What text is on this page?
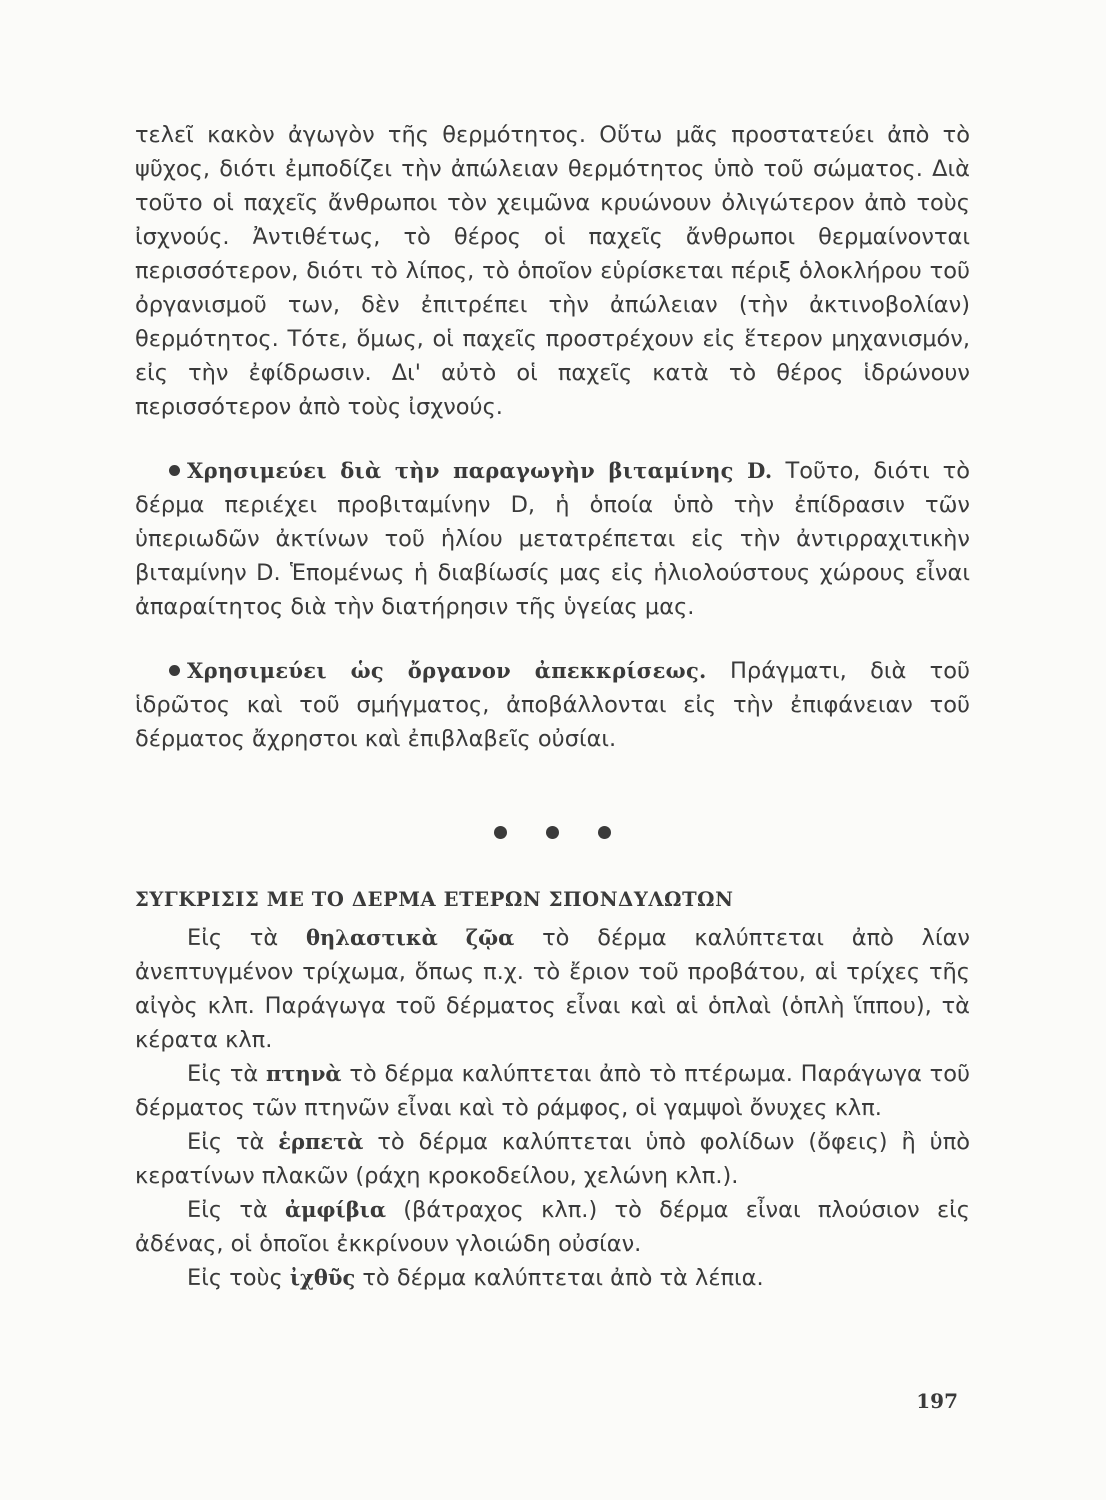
τελεῖ κακὸν ἀγωγὸν τῆς θερμότητος. Οὕτω μᾶς προστατεύει ἀπὸ τὸ ψῦχος, διότι ἐμποδίζει τὴν ἀπώλειαν θερμότητος ὑπὸ τοῦ σώματος. Διὰ τοῦτο οἱ παχεῖς ἄνθρωποι τὸν χειμῶνα κρυώνουν ὀλιγώτερον ἀπὸ τοὺς ἰσχνούς. Ἀντιθέτως, τὸ θέρος οἱ παχεῖς ἄνθρωποι θερμαίνονται περισσότερον, διότι τὸ λίπος, τὸ ὁποῖον εὑρίσκεται πέριξ ὁλοκλήρου τοῦ ὀργανισμοῦ των, δὲν ἐπιτρέπει τὴν ἀπώλειαν (τὴν ἀκτινοβολίαν) θερμότητος. Τότε, ὅμως, οἱ παχεῖς προστρέχουν εἰς ἕτερον μηχανισμόν, εἰς τὴν ἐφίδρωσιν. Δι' αὐτὸ οἱ παχεῖς κατὰ τὸ θέρος ἱδρώνουν περισσότερον ἀπὸ τοὺς ἰσχνούς.

Χρησιμεύει διὰ τὴν παραγωγὴν βιταμίνης D. Τοῦτο, διότι τὸ δέρμα περιέχει προβιταμίνην D, ἡ ὁποία ὑπὸ τὴν ἐπίδρασιν τῶν ὑπεριωδῶν ἀκτίνων τοῦ ἡλίου μετατρέπεται εἰς τὴν ἀντιρραχιτικὴν βιταμίνην D. Ἑπομένως ἡ διαβίωσίς μας εἰς ἡλιολούστους χώρους εἶναι ἀπαραίτητος διὰ τὴν διατήρησιν τῆς ὑγείας μας.

Χρησιμεύει ὡς ὄργανον ἀπεκκρίσεως. Πράγματι, διὰ τοῦ ἱδρῶτος καὶ τοῦ σμήγματος, ἀποβάλλονται εἰς τὴν ἐπιφάνειαν τοῦ δέρματος ἄχρηστοι καὶ ἐπιβλαβεῖς οὐσίαι.

ΣΥΓΚΡΙΣΙΣ ΜΕ ΤΟ ΔΕΡΜΑ ΕΤΕΡΩΝ ΣΠΟΝΔΥΛΩΤΩΝ

Εἰς τὰ θηλαστικὰ ζῷα τὸ δέρμα καλύπτεται ἀπὸ λίαν ἀνεπτυγμένον τρίχωμα, ὅπως π.χ. τὸ ἔριον τοῦ προβάτου, αἱ τρίχες τῆς αἰγὸς κλπ. Παράγωγα τοῦ δέρματος εἶναι καὶ αἱ ὁπλαὶ (ὁπλὴ ἵππου), τὰ κέρατα κλπ.

Εἰς τὰ πτηνὰ τὸ δέρμα καλύπτεται ἀπὸ τὸ πτέρωμα. Παράγωγα τοῦ δέρματος τῶν πτηνῶν εἶναι καὶ τὸ ράμφος, οἱ γαμψοὶ ὄνυχες κλπ.

Εἰς τὰ ἑρπετὰ τὸ δέρμα καλύπτεται ὑπὸ φολίδων (ὄφεις) ἢ ὑπὸ κερατίνων πλακῶν (ράχη κροκοδείλου, χελώνη κλπ.).

Εἰς τὰ ἀμφίβια (βάτραχος κλπ.) τὸ δέρμα εἶναι πλούσιον εἰς ἀδένας, οἱ ὁποῖοι ἐκκρίνουν γλοιώδη οὐσίαν.

Εἰς τοὺς ἰχθῦς τὸ δέρμα καλύπτεται ἀπὸ τὰ λέπια.

197
